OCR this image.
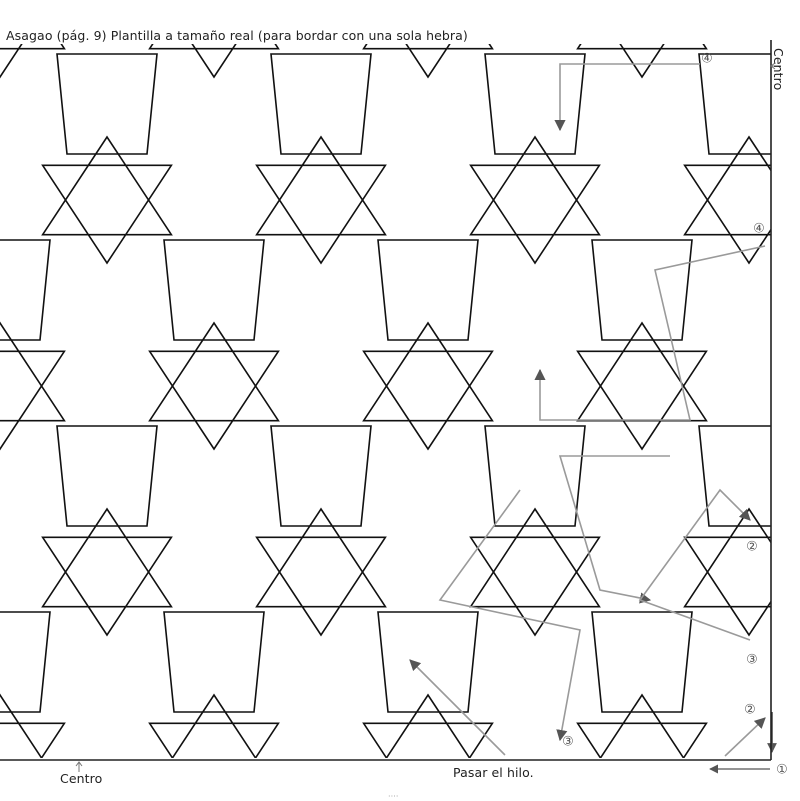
④
④
②
③
②
③
①
Asagao (pág. 9) Plantilla a tamaño real (para bordar con una sola hebra)
Centro
Centro
Pasar el hilo.
····
